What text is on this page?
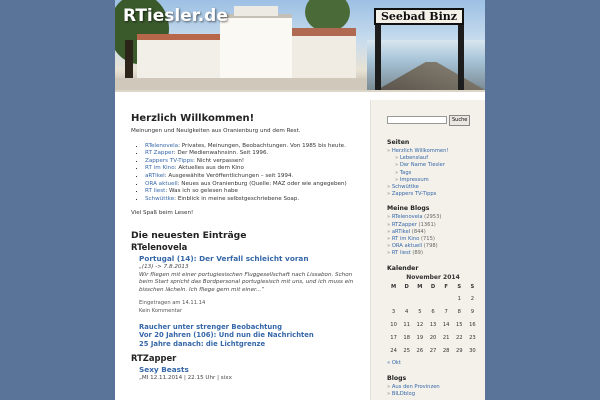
Seebad Binz
RTiesler.de
Herzlich Willkommen!
Meinungen und Neuigkeiten aus Oranienburg und dem Rest.
▪ RTelenovela: Privates, Meinungen, Beobachtungen. Von 1985 bis heute.
▪ RT Zapper: Der Medienwahnsinn. Seit 1996.
▪ Zappers TV-Tipps: Nicht verpassen!
▪ RT im Kino: Aktuelles aus dem Kino
▪ aRTikel: Ausgewählte Veröffentlichungen – seit 1994.
▪ ORA aktuell: Neues aus Oranienburg (Quelle: MAZ oder wie angegeben)
▪ RT liest: Was ich so gelesen habe
▪ Schwüttke: Einblick in meine selbstgeschriebene Soap.
Viel Spaß beim Lesen!
Die neuesten Einträge
RTelenovela
Portugal (14): Der Verfall schleicht voran
„(13) -> 7.8.2013
Wir fliegen mit einer portugiesischen Fluggesellschaft nach Lissabon. Schon beim Start spricht das Bordpersonal portugiesisch mit uns, und ich muss ein bisschen lächeln. Ich fliege gern mit einer...“
Eingetragen am 14.11.14
Kein Kommentar
Raucher unter strenger Beobachtung
Vor 20 Jahren (106): Und nun die Nachrichten
25 Jahre danach: die Lichtgrenze
RTZapper
Sexy Beasts
„MI 12.11.2014 | 22.15 Uhr | sixx
Suche
Seiten
» Herzlich Willkommen!
» Lebenslauf
» Der Name Tiesler
» Tags
» Impressum
» Schwüttke
» Zappers TV-Tipps
Meine Blogs
» RTelenovela (2953)
» RTZapper (1361)
» aRTikel (844)
» RT im Kino (715)
» ORA aktuell (798)
» RT liest (89)
Kalender
November 2014
M	D	M	D	F	S	S
					1	2
3	4	5	6	7	8	9
10	11	12	13	14	15	16
17	18	19	20	21	22	23
24	25	26	27	28	29	30
« Okt
Blogs
» Aus den Provinzen
» BILDblog
